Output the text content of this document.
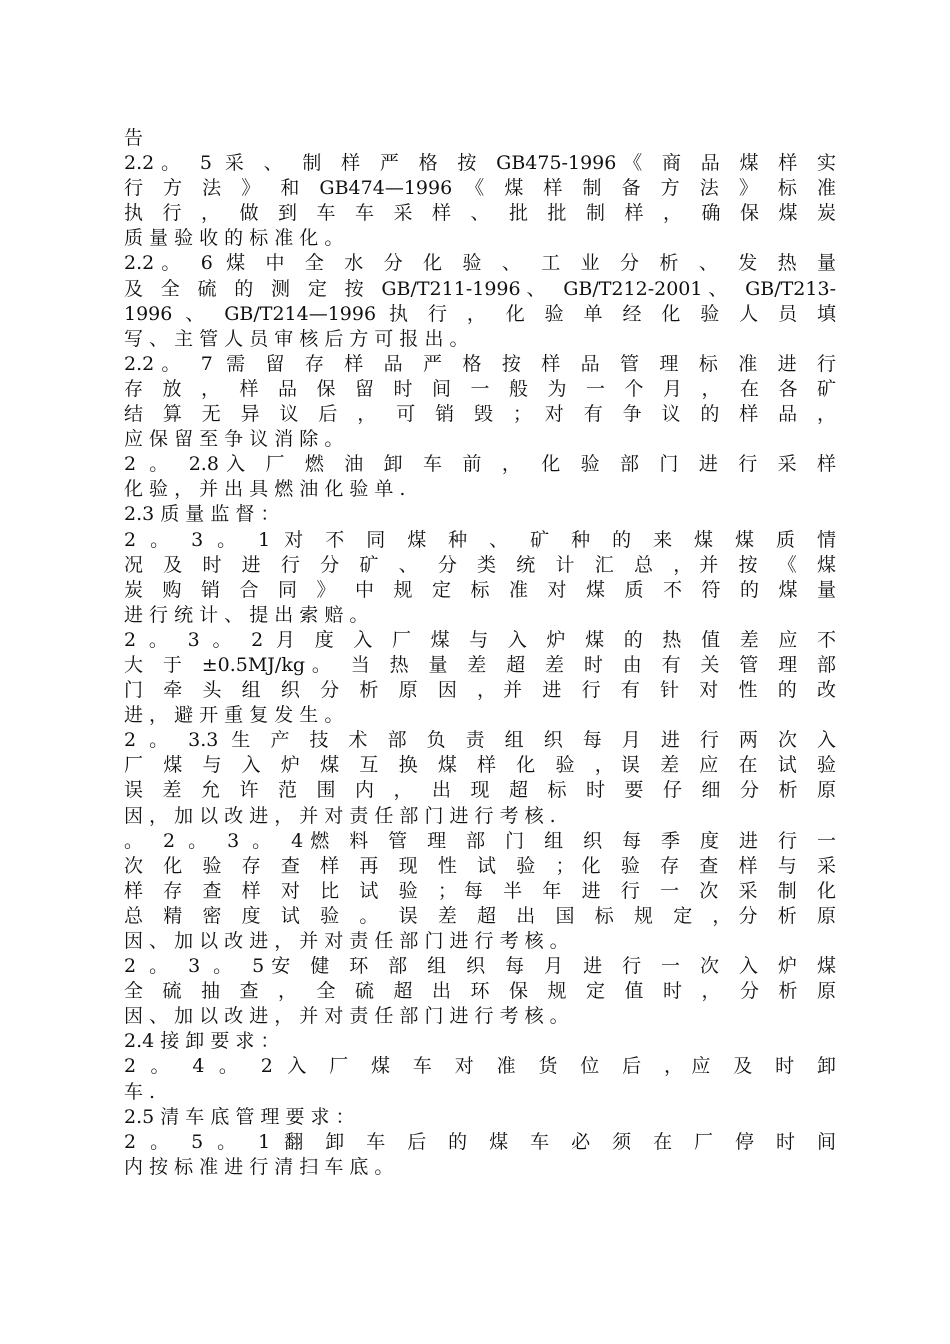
告
2.2。 5 采 、 制 样 严 格 按 GB475-1996《 商 品 煤 样 实
行 方 法 》 和 GB474—1996 《 煤 样 制 备 方 法 》 标 准
执 行 ， 做 到 车 车 采 样 、 批 批 制 样 ， 确 保 煤 炭
质 量 验 收 的 标 准 化 。
2.2。 6 煤 中 全 水 分 化 验 、 工 业 分 析 、 发 热 量
及 全 硫 的 测 定 按 GB/T211-1996、 GB/T212-2001、 GB/T213-
1996 、 GB/T214—1996 执 行 ， 化 验 单 经 化 验 人 员 填
写 、 主 管 人 员 审 核 后 方 可 报 出 。
2.2。 7 需 留 存 样 品 严 格 按 样 品 管 理 标 准 进 行
存 放 ， 样 品 保 留 时 间 一 般 为 一 个 月 ， 在 各 矿
结 算 无 异 议 后 ， 可 销 毁 ； 对 有 争 议 的 样 品 ，
应 保 留 至 争 议 消 除 。
2 。 2.8入 厂 燃 油 卸 车 前 ， 化 验 部 门 进 行 采 样
化 验 ， 并 出 具 燃 油 化 验 单 .
2.3 质 量 监 督 ：
2 。 3 。 1 对 不 同 煤 种 、 矿 种 的 来 煤 煤 质 情
况 及 时 进 行 分 矿 、 分 类 统 计 汇 总 ，并 按 《 煤
炭 购 销 合 同 》 中 规 定 标 准 对 煤 质 不 符 的 煤 量
进 行 统 计 、 提 出 索 赔 。
2 。 3 。 2 月 度 入 厂 煤 与 入 炉 煤 的 热 值 差 应 不
大 于 ±0.5MJ/kg。 当 热 量 差 超 差 时 由 有 关 管 理 部
门 牵 头 组 织 分 析 原 因 ，并 进 行 有 针 对 性 的 改
进 ， 避 开 重 复 发 生 。
2 。 3.3 生 产 技 术 部 负 责 组 织 每 月 进 行 两 次 入
厂 煤 与 入 炉 煤 互 换 煤 样 化 验 ，误 差 应 在 试 验
误 差 允 许 范 围 内 ， 出 现 超 标 时 要 仔 细 分 析 原
因 ， 加 以 改 进 ， 并 对 责 任 部 门 进 行 考 核 .
。 2 。 3 。 4燃 料 管 理 部 门 组 织 每 季 度 进 行 一
次 化 验 存 查 样 再 现 性 试 验 ；化 验 存 查 样 与 采
样 存 查 样 对 比 试 验 ；每 半 年 进 行 一 次 采 制 化
总 精 密 度 试 验 。 误 差 超 出 国 标 规 定 ，分 析 原
因 、 加 以 改 进 ， 并 对 责 任 部 门 进 行 考 核 。
2 。 3 。 5安 健 环 部 组 织 每 月 进 行 一 次 入 炉 煤
全 硫 抽 查 ， 全 硫 超 出 环 保 规 定 值 时 ， 分 析 原
因 、 加 以 改 进 ， 并 对 责 任 部 门 进 行 考 核 。
2.4 接 卸 要 求 ：
2 。 4 。 2 入 厂 煤 车 对 准 货 位 后 ，应 及 时 卸
车 .
2.5 清 车 底 管 理 要 求 ：
2 。 5 。 1 翻 卸 车 后 的 煤 车 必 须 在 厂 停 时 间
内 按 标 准 进 行 清 扫 车 底 。
